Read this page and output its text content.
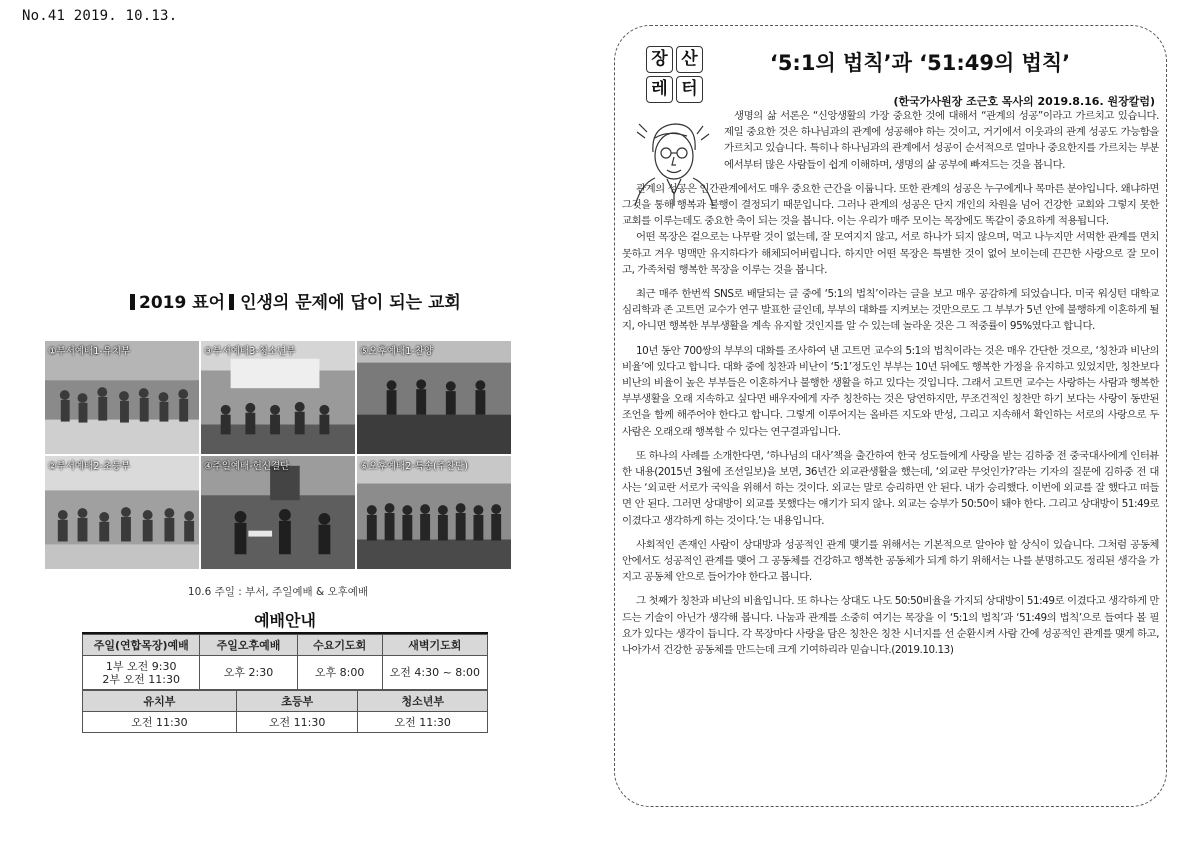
No.41 2019. 10.13.
2019 표어 인생의 문제에 답이 되는 교회
①부서예배1-유치부	③부서예배3-청소년부	⑤오후예배1-찬양
②부서예배2-초등부	④주일예배-헌신결단	⑥오후예배2-특송(주찬단)
10.6 주일 : 부서, 주일예배 & 오후예배
예배안내
주일(연합목장)예배	주일오후예배	수요기도회	새벽기도회
1부 오전 9:30
2부 오전 11:30	오후 2:30	오후 8:00	오전 4:30 ~ 8:00
유치부	초등부	청소년부
오전 11:30	오전 11:30	오전 11:30
장 산
레 터
‘5:1의 법칙’과 ‘51:49의 법칙’
(한국가사원장 조근호 목사의 2019.8.16. 원장칼럼)

생명의 삶 서론은 “신앙생활의 가장 중요한 것에 대해서 “관계의 성공”이라고 가르치고 있습니다. 제일 중요한 것은 하나님과의 관계에 성공해야 하는 것이고, 거기에서 이웃과의 관계 성공도 가능함을 가르치고 있습니다. 특히나 하나님과의 관계에서 성공이 순서적으로 얼마나 중요한지를 가르치는 부분에서부터 많은 사람들이 쉽게 이해하며, 생명의 삶 공부에 빠져드는 것을 봅니다.

관계의 성공은 인간관계에서도 매우 중요한 근간을 이룹니다. 또한 관계의 성공은 누구에게나 목마른 분야입니다. 왜냐하면 그것을 통해 행복과 불행이 결정되기 때문입니다. 그러나 관계의 성공은 단지 개인의 차원을 넘어 건강한 교회와 그렇지 못한 교회를 이루는데도 중요한 축이 되는 것을 봅니다. 이는 우리가 매주 모이는 목장에도 똑같이 중요하게 적용됩니다.

어떤 목장은 겉으로는 나무랄 것이 없는데, 잘 모여지지 않고, 서로 하나가 되지 않으며, 먹고 나누지만 서먹한 관계를 면치 못하고 겨우 명맥만 유지하다가 해체되어버립니다. 하지만 어떤 목장은 특별한 것이 없어 보이는데 끈끈한 사랑으로 잘 모이고, 가족처럼 행복한 목장을 이루는 것을 봅니다.

최근 매주 한번씩 SNS로 배달되는 글 중에 ‘5:1의 법칙’이라는 글을 보고 매우 공감하게 되었습니다. 미국 워싱턴 대학교 심리학과 존 고트먼 교수가 연구 발표한 글인데, 부부의 대화를 지켜보는 것만으로도 그 부부가 5년 안에 불행하게 이혼하게 될지, 아니면 행복한 부부생활을 계속 유지할 것인지를 알 수 있는데 놀라운 것은 그 적중률이 95%였다고 합니다.

10년 동안 700쌍의 부부의 대화를 조사하여 낸 고트먼 교수의 5:1의 법칙이라는 것은 매우 간단한 것으로, ‘칭찬과 비난의 비율’에 있다고 합니다. 대화 중에 칭찬과 비난이 ‘5:1’정도인 부부는 10년 뒤에도 행복한 가정을 유지하고 있었지만, 칭찬보다 비난의 비율이 높은 부부들은 이혼하거나 불행한 생활을 하고 있다는 것입니다. 그래서 고트먼 교수는 사랑하는 사람과 행복한 부부생활을 오래 지속하고 싶다면 배우자에게 자주 칭찬하는 것은 당연하지만, 무조건적인 칭찬만 하기 보다는 사랑이 동반된 조언을 함께 해주어야 한다고 합니다. 그렇게 이루어지는 올바른 지도와 반성, 그리고 지속해서 확인하는 서로의 사랑으로 두 사람은 오래오래 행복할 수 있다는 연구결과입니다.

또 하나의 사례를 소개한다면, ‘하나님의 대사’책을 출간하여 한국 성도들에게 사랑을 받는 김하중 전 중국대사에게 인터뷰한 내용(2015년 3월에 조선일보)을 보면, 36년간 외교관생활을 했는데, ‘외교란 무엇인가?’라는 기자의 질문에 김하중 전 대사는 ‘외교란 서로가 국익을 위해서 하는 것이다. 외교는 말로 승리하면 안 된다. 내가 승리했다. 이번에 외교를 잘 했다고 떠들면 안 된다. 그러면 상대방이 외교를 못했다는 얘기가 되지 않나. 외교는 승부가 50:50이 돼야 한다. 그리고 상대방이 51:49로 이겼다고 생각하게 하는 것이다.’는 내용입니다.

사회적인 존재인 사람이 상대방과 성공적인 관계 맺기를 위해서는 기본적으로 알아야 할 상식이 있습니다. 그처럼 공동체 안에서도 성공적인 관계를 맺어 그 공동체를 건강하고 행복한 공동체가 되게 하기 위해서는 나를 분명하고도 정리된 생각을 가지고 공동체 안으로 들어가야 한다고 봅니다.

그 첫째가 칭찬과 비난의 비율입니다. 또 하나는 상대도 나도 50:50비율을 가지되 상대방이 51:49로 이겼다고 생각하게 만드는 기술이 아닌가 생각해 봅니다. 나눔과 관계를 소중히 여기는 목장을 이 ‘5:1의 법칙’과 ‘51:49의 법칙’으로 들여다 볼 필요가 있다는 생각이 듭니다. 각 목장마다 사랑을 담은 칭찬은 칭찬 시너지를 선 순환시켜 사람 간에 성공적인 관계를 맺게 하고, 나아가서 건강한 공동체를 만드는데 크게 기여하리라 믿습니다.(2019.10.13)
